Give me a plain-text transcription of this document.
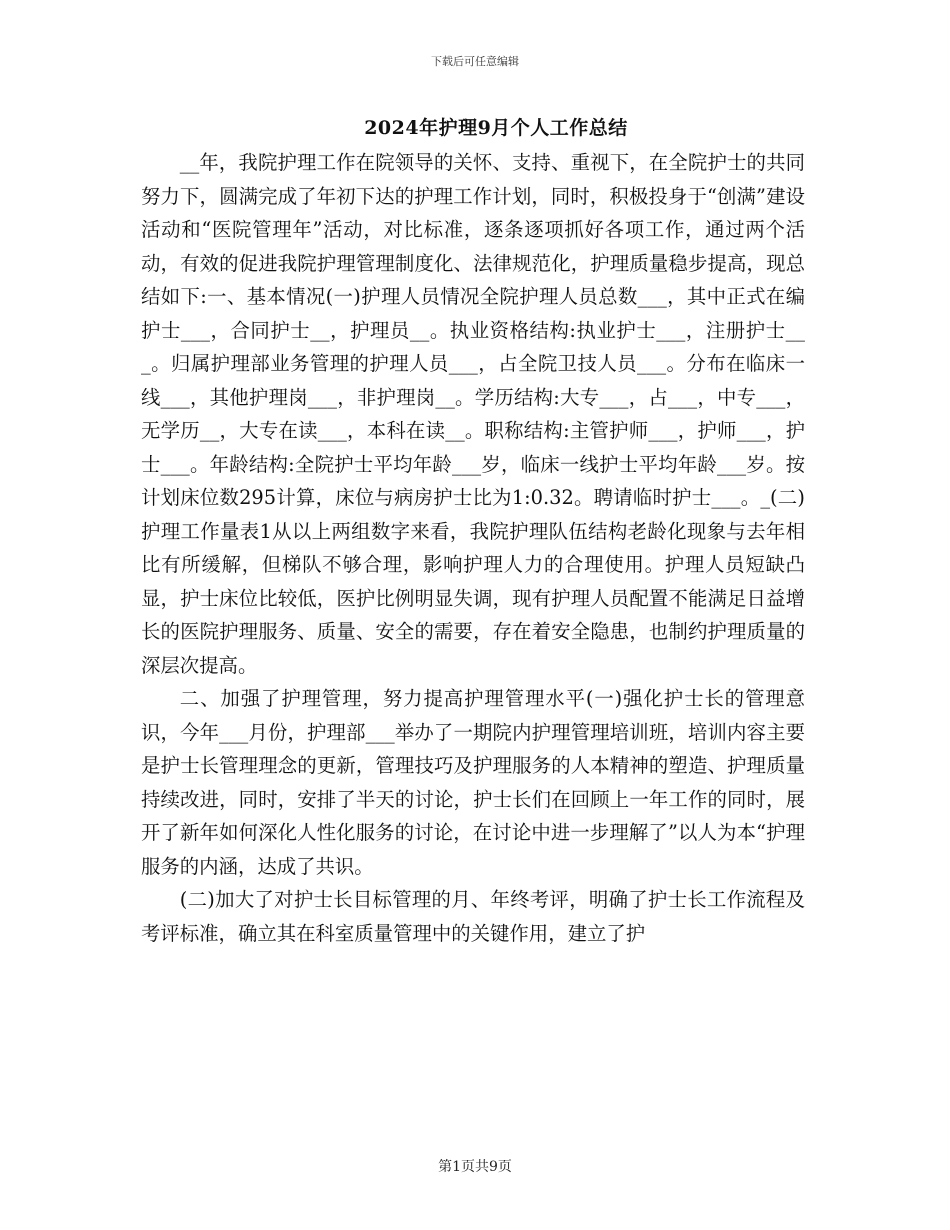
下载后可任意编辑
2024年护理9月个人工作总结

__年，我院护理工作在院领导的关怀、支持、重视下，在全院护士的共同努力下，圆满完成了年初下达的护理工作计划，同时，积极投身于“创满”建设活动和“医院管理年”活动，对比标准，逐条逐项抓好各项工作，通过两个活动，有效的促进我院护理管理制度化、法律规范化，护理质量稳步提高，现总结如下:一、基本情况(一)护理人员情况全院护理人员总数___，其中正式在编护士___，合同护士__，护理员__。执业资格结构:执业护士___，注册护士___。归属护理部业务管理的护理人员___，占全院卫技人员___。分布在临床一线___，其他护理岗___，非护理岗__。学历结构:大专___，占___，中专___，无学历__，大专在读___，本科在读__。职称结构:主管护师___，护师___，护士___。年龄结构:全院护士平均年龄___岁，临床一线护士平均年龄___岁。按计划床位数295计算，床位与病房护士比为1:0.32。聘请临时护士___。_(二)护理工作量表1从以上两组数字来看，我院护理队伍结构老龄化现象与去年相比有所缓解，但梯队不够合理，影响护理人力的合理使用。护理人员短缺凸显，护士床位比较低，医护比例明显失调，现有护理人员配置不能满足日益增长的医院护理服务、质量、安全的需要，存在着安全隐患，也制约护理质量的深层次提高。

二、加强了护理管理，努力提高护理管理水平(一)强化护士长的管理意识，今年___月份，护理部___举办了一期院内护理管理培训班，培训内容主要是护士长管理理念的更新，管理技巧及护理服务的人本精神的塑造、护理质量持续改进，同时，安排了半天的讨论，护士长们在回顾上一年工作的同时，展开了新年如何深化人性化服务的讨论，在讨论中进一步理解了”以人为本“护理服务的内涵，达成了共识。

(二)加大了对护士长目标管理的月、年终考评，明确了护士长工作流程及考评标准，确立其在科室质量管理中的关键作用，建立了护

第1页共9页
